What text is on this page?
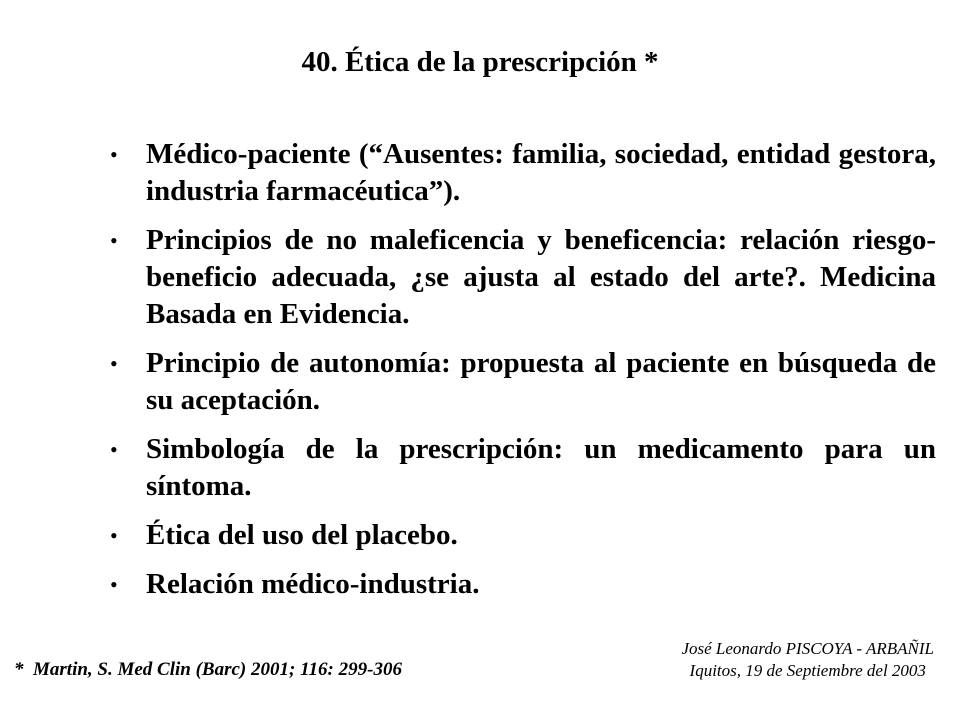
40. Ética de la prescripción *
• Médico-paciente (“Ausentes: familia, sociedad, entidad gestora, industria farmacéutica”).
• Principios de no maleficencia y beneficencia: relación riesgo-beneficio adecuada, ¿se ajusta al estado del arte?. Medicina Basada en Evidencia.
• Principio de autonomía: propuesta al paciente en búsqueda de su aceptación.
• Simbología de la prescripción: un medicamento para un síntoma.
• Ética del uso del placebo.
• Relación médico-industria.

*  Martin, S. Med Clin (Barc) 2001; 116: 299-306

José Leonardo PISCOYA - ARBAÑIL
Iquitos, 19 de Septiembre del 2003
